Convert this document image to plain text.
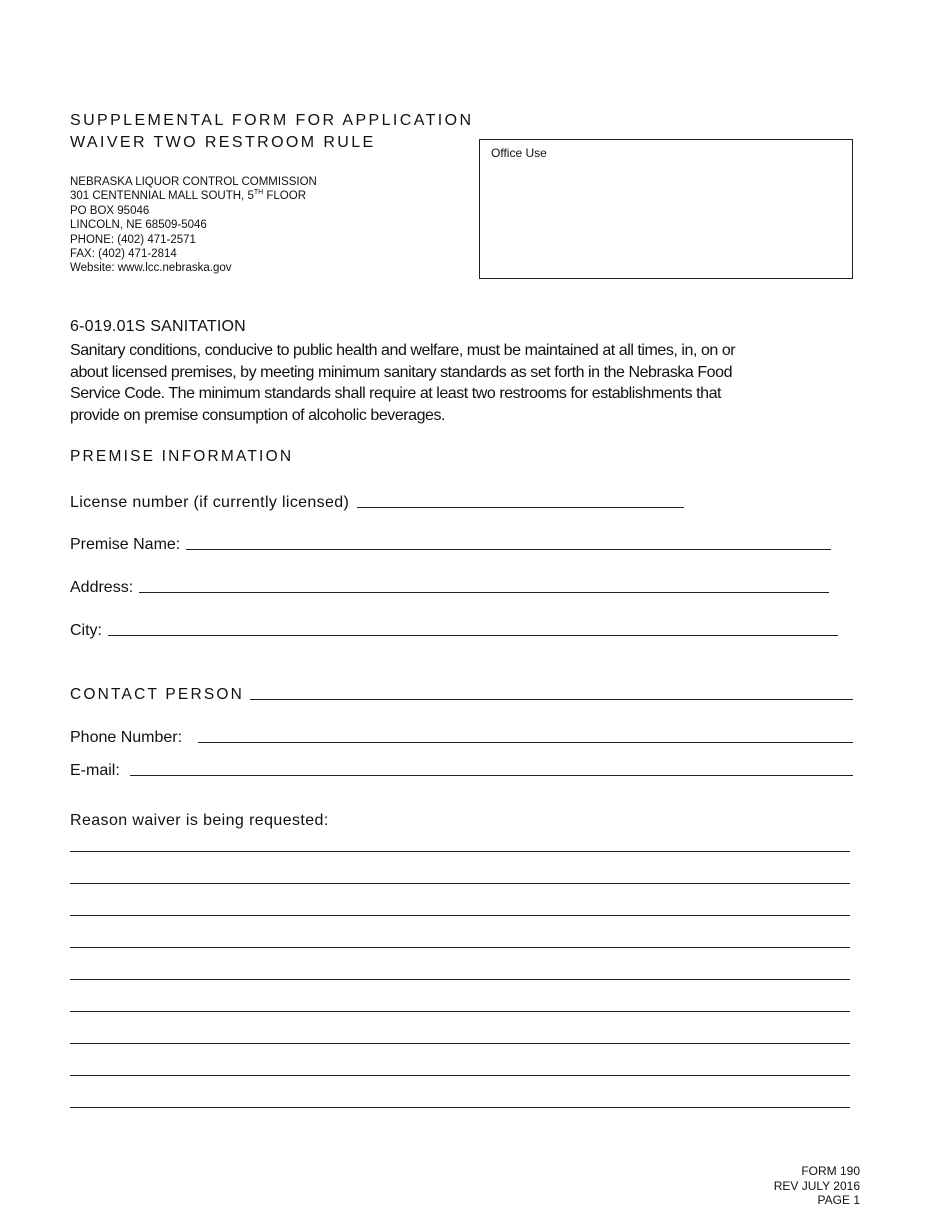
SUPPLEMENTAL FORM FOR APPLICATION
WAIVER TWO RESTROOM RULE
NEBRASKA LIQUOR CONTROL COMMISSION
301 CENTENNIAL MALL SOUTH, 5TH FLOOR
PO BOX 95046
LINCOLN, NE 68509-5046
PHONE: (402) 471-2571
FAX: (402) 471-2814
Website: www.lcc.nebraska.gov
Office Use
6-019.01S SANITATION
Sanitary conditions, conducive to public health and welfare, must be maintained at all times, in, on or
about licensed premises, by meeting minimum sanitary standards as set forth in the Nebraska Food
Service Code. The minimum standards shall require at least two restrooms for establishments that
provide on premise consumption of alcoholic beverages.
PREMISE INFORMATION
License number (if currently licensed)
Premise Name:
Address:
City:
CONTACT PERSON
Phone Number:
E-mail:
Reason waiver is being requested:
FORM 190
REV JULY 2016
PAGE 1
